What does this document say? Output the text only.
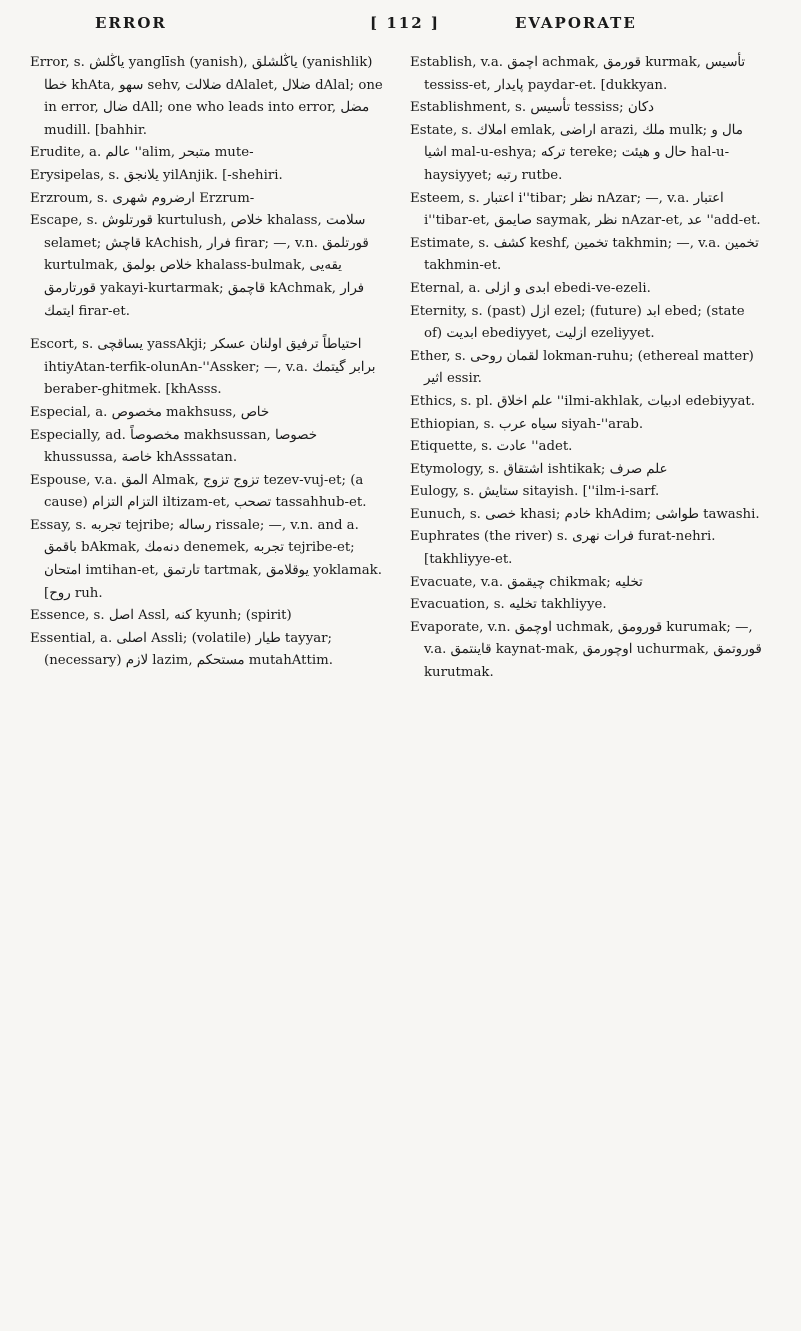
ERROR	[ 112 ]	EVAPORATE

Error, s. یاڭلش yanglīsh (yanish), یاڭلشلق (yanishlik) خطا khAta, سهو sehv, ضلالت dAlalet, ضلال dAlal; one in error, ضال dAll; one who leads into error, مضل mudill. [bahhir.

Erudite, a. عالم ''alim, متبحر mute-

Erysipelas, s. یلانجق yilAnjik. [-shehiri.

Erzroum, s. ارضروم شهری Erzrum-

Escape, s. قورتلوش kurtulush, خلاص khalass, سلامت selamet; قاچش kAchish, فرار firar; —, v.n. قورتلمق kurtulmak, خلاص بولمق khalass-bulmak, یقه‌یی قورتارمق yakayi-kurtarmak; قاچمق kAchmak, فرار ایتمك firar-et.

Escort, s. یساقچی yassAkji; احتیاطاً ترفیق اولنان عسکر ihtiyAtan-terfik-olunAn-''Assker; —, v.a. برابر گیتمك beraber-ghitmek. [khAsss.

Especial, a. مخصوص makhsuss, خاص

Especially, ad. مخصوصاً makhsussan, خصوصا khussussa, خاصة khAsssatan.

Espouse, v.a. المق Almak, تزوج تزوج tezev-vuj-et; (a cause) التزام التزام iltizam-et, تصحب tassahhub-et.

Essay, s. تجربه tejribe; رساله rissale; —, v.n. and a. باقمق bAkmak, دنه‌مك denemek, تجربه tejribe-et; امتحان imtihan-et, تارتمق tartmak, یوقلامق yoklamak. [روح ruh.

Essence, s. اصل Assl, کنه kyunh; (spirit)

Essential, a. اصلی Assli; (volatile) طیار tayyar; (necessary) لازم lazim, مستحکم mutahAttim.

Establish, v.a. اچمق achmak, قورمق kurmak, تأسیس tessiss-et, پایدار paydar-et. [dukkyan.

Establishment, s. تأسیس tessiss; دکان

Estate, s. املاك emlak, اراضی arazi, ملك mulk; مال و اشیا mal-u-eshya; ترکه tereke; حال و هیئت hal-u-haysiyyet; رتبه rutbe.

Esteem, s. اعتبار i''tibar; نظر nAzar; —, v.a. اعتبار i''tibar-et, صایمق saymak, نظر nAzar-et, عد ''add-et.

Estimate, s. کشف keshf, تخمین takhmin; —, v.a. تخمین takhmin-et.

Eternal, a. ابدی و ازلی ebedi-ve-ezeli.

Eternity, s. (past) ازل ezel; (future) ابد ebed; (state of) ابدیت ebediyyet, ازلیت ezeliyyet.

Ether, s. لقمان روحی lokman-ruhu; (ethereal matter) اثیر essir.

Ethics, s. pl. علم اخلاق ''ilmi-akhlak, ادبیات edebiyyat.

Ethiopian, s. سیاه عرب siyah-''arab.

Etiquette, s. عادت ''adet.

Etymology, s. اشتقاق ishtikak; علم صرف

Eulogy, s. ستایش sitayish. [''ilm-i-sarf.

Eunuch, s. خصی khasi; خادم khAdim; طواشی tawashi.

Euphrates (the river) s. فرات نهری furat-nehri. [takhliyye-et.

Evacuate, v.a. چیقمق chikmak; تخلیه

Evacuation, s. تخلیه takhliyye.

Evaporate, v.n. اوچمق uchmak, قورومق kurumak; —, v.a. قاینتمق kaynat-mak, اوچورمق uchurmak, قوروتمق kurutmak.
